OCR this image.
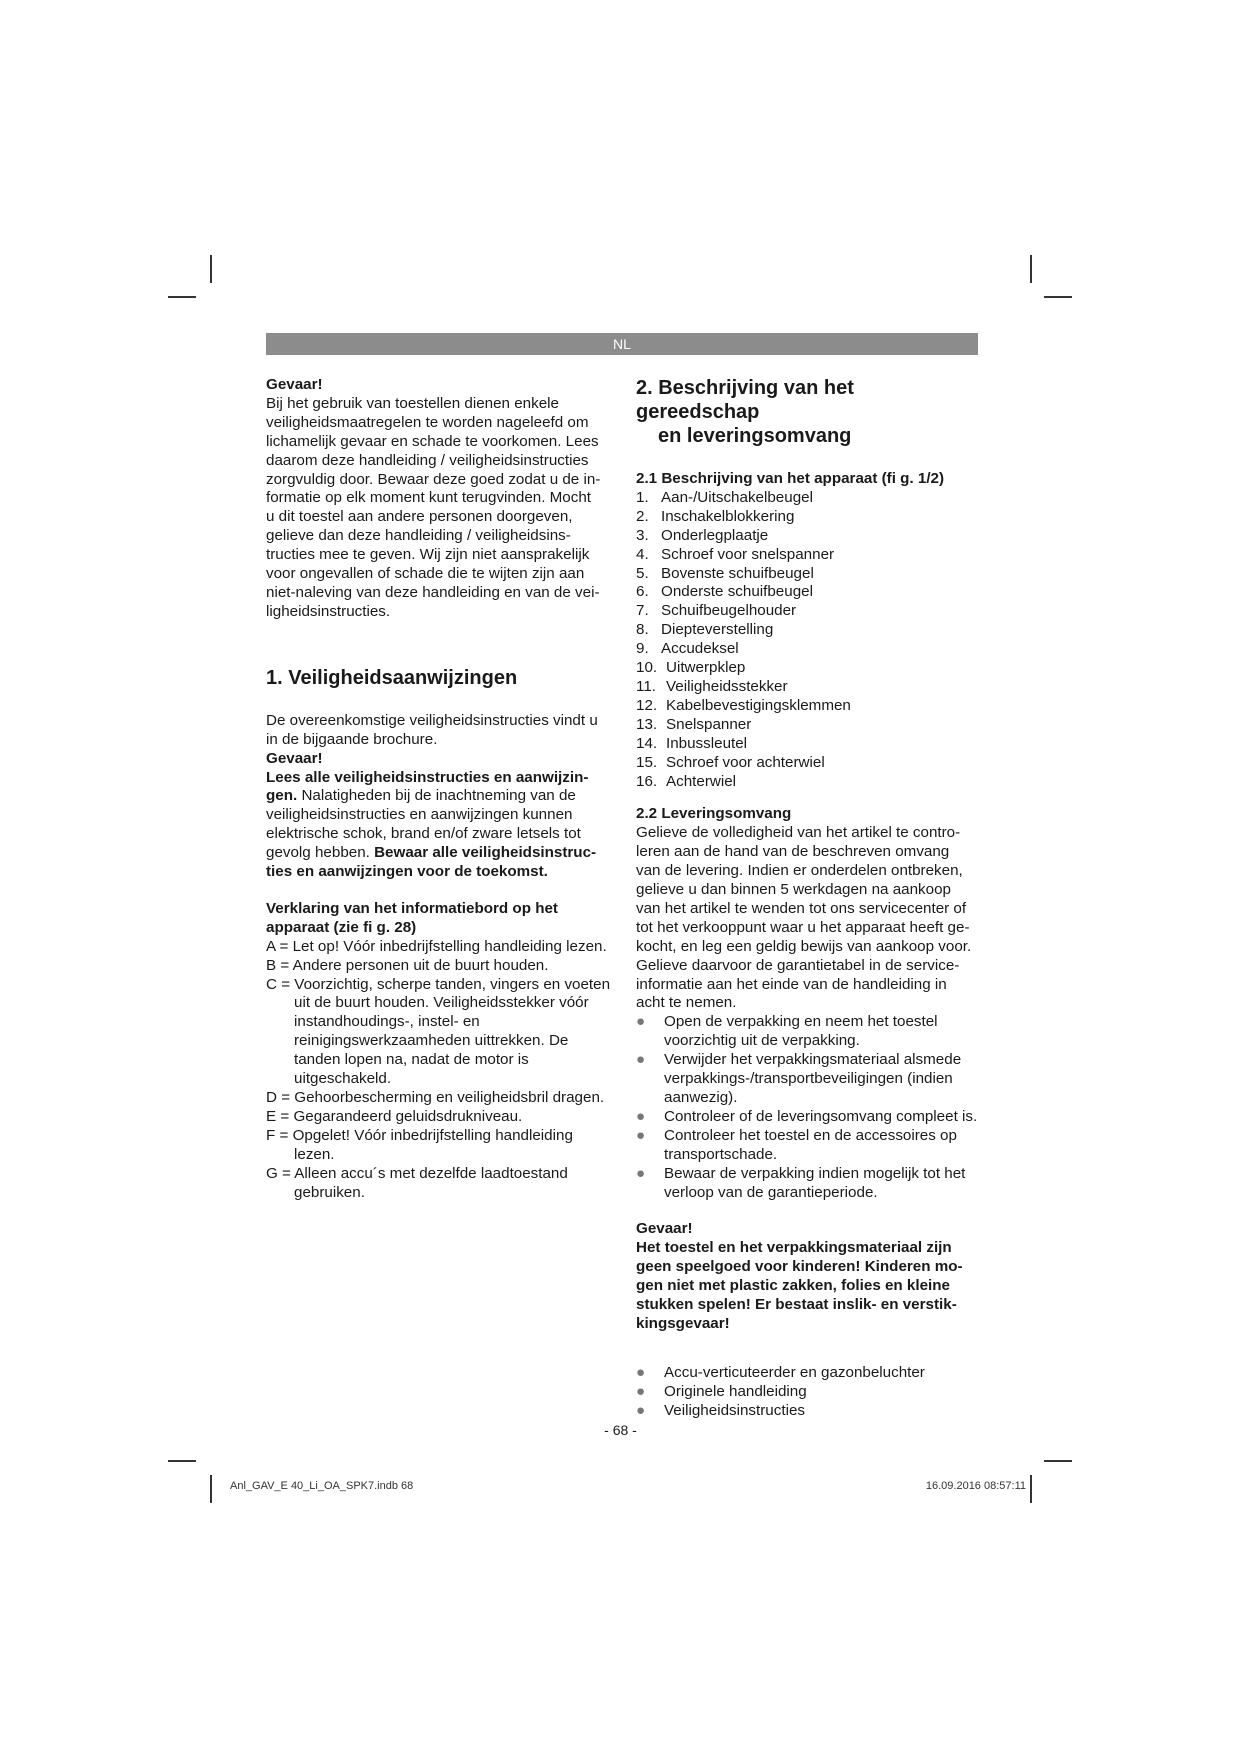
NL

Gevaar!

Bij het gebruik van toestellen dienen enkele

veiligheidsmaatregelen te worden nageleefd om

lichamelijk gevaar en schade te voorkomen. Lees

daarom deze handleiding / veiligheidsinstructies

zorgvuldig door. Bewaar deze goed zodat u de in-

formatie op elk moment kunt terugvinden. Mocht

u dit toestel aan andere personen doorgeven,

gelieve dan deze handleiding / veiligheidsins-

tructies mee te geven. Wij zijn niet aansprakelijk

voor ongevallen of schade die te wijten zijn aan

niet-naleving van deze handleiding en van de vei-

ligheidsinstructies.

1. Veiligheidsaanwijzingen

De overeenkomstige veiligheidsinstructies vindt u

in de bijgaande brochure.

Gevaar!

Lees alle veiligheidsinstructies en aanwijzin-

gen. Nalatigheden bij de inachtneming van de

veiligheidsinstructies en aanwijzingen kunnen

elektrische schok, brand en/of zware letsels tot

gevolg hebben. Bewaar alle veiligheidsinstruc-

ties en aanwijzingen voor de toekomst.

Verklaring van het informatiebord op het

apparaat (zie fi g. 28)

A = Let op! Vóór inbedrijfstelling handleiding lezen.

B = Andere personen uit de buurt houden.

C = Voorzichtig, scherpe tanden, vingers en voeten uit de buurt houden. Veiligheidsstekker vóór instandhoudings-, instel- en reinigingswerkzaamheden uittrekken. De tanden lopen na, nadat de motor is uitgeschakeld.

D = Gehoorbescherming en veiligheidsbril dragen.

E = Gegarandeerd geluidsdrukniveau.

F = Opgelet! Vóór inbedrijfstelling handleiding lezen.

G = Alleen accu´s met dezelfde laadtoestand gebruiken.

2. Beschrijving van het gereedschap
en leveringsomvang

2.1 Beschrijving van het apparaat (fi g. 1/2)

1. Aan-/Uitschakelbeugel
2. Inschakelblokkering
3. Onderlegplaatje
4. Schroef voor snelspanner
5. Bovenste schuifbeugel
6. Onderste schuifbeugel
7. Schuifbeugelhouder
8. Diepteverstelling
9. Accudeksel
10. Uitwerpklep
11. Veiligheidsstekker
12. Kabelbevestigingsklemmen
13. Snelspanner
14. Inbussleutel
15. Schroef voor achterwiel
16. Achterwiel

2.2 Leveringsomvang

Gelieve de volledigheid van het artikel te contro-

leren aan de hand van de beschreven omvang

van de levering. Indien er onderdelen ontbreken,

gelieve u dan binnen 5 werkdagen na aankoop

van het artikel te wenden tot ons servicecenter of

tot het verkooppunt waar u het apparaat heeft ge-

kocht, en leg een geldig bewijs van aankoop voor.

Gelieve daarvoor de garantietabel in de service-

informatie aan het einde van de handleiding in

acht te nemen.

●	Open de verpakking en neem het toestel voorzichtig uit de verpakking.
●	Verwijder het verpakkingsmateriaal alsmede verpakkings-/transportbeveiligingen (indien aanwezig).
●	Controleer of de leveringsomvang compleet is.
●	Controleer het toestel en de accessoires op transportschade.
●	Bewaar de verpakking indien mogelijk tot het verloop van de garantieperiode.

Gevaar!

Het toestel en het verpakkingsmateriaal zijn

geen speelgoed voor kinderen! Kinderen mo-

gen niet met plastic zakken, folies en kleine

stukken spelen! Er bestaat inslik- en verstik-

kingsgevaar!

●	Accu-verticuteerder en gazonbeluchter
●	Originele handleiding
●	Veiligheidsinstructies
- 68 -
Anl_GAV_E 40_Li_OA_SPK7.indb 68	16.09.2016 08:57:11
